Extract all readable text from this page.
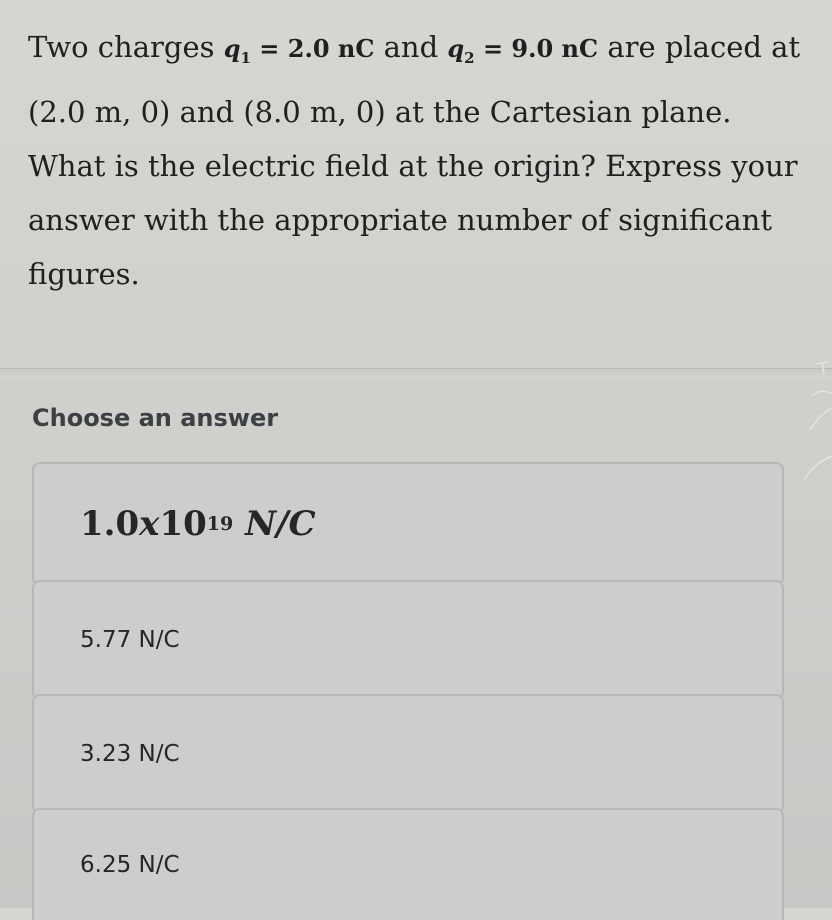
Two charges $q_1 = 2.0$ nC and $q_2 = 9.0$ nC are placed at (2.0 m, 0) and (8.0 m, 0) at the Cartesian plane. What is the electric field at the origin? Express your answer with the appropriate number of significant figures.

Choose an answer

1.0 x 10 19
N/C
5.77 N/C
3.23 N/C
6.25 N/C
